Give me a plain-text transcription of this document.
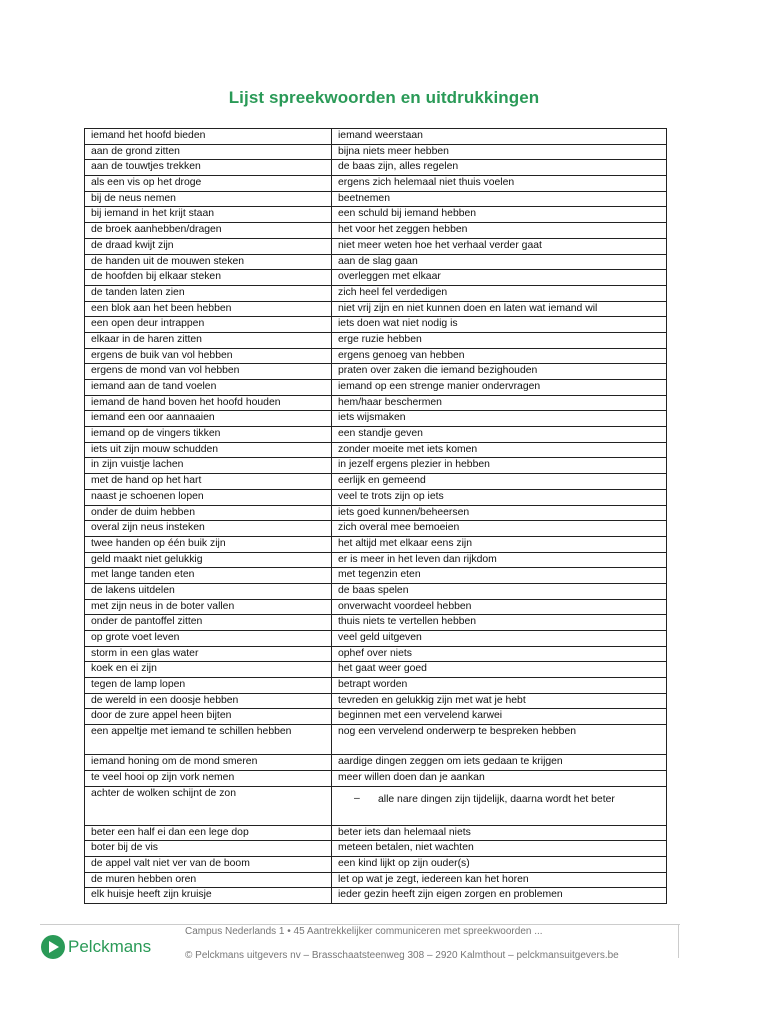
Lijst spreekwoorden en uitdrukkingen
iemand het hoofd bieden	iemand weerstaan
aan de grond zitten	bijna niets meer hebben
aan de touwtjes trekken	de baas zijn, alles regelen
als een vis op het droge	ergens zich helemaal niet thuis voelen
bij de neus nemen	beetnemen
bij iemand in het krijt staan	een schuld bij iemand hebben
de broek aanhebben/dragen	het voor het zeggen hebben
de draad kwijt zijn	niet meer weten hoe het verhaal verder gaat
de handen uit de mouwen steken	aan de slag gaan
de hoofden bij elkaar steken	overleggen met elkaar
de tanden laten zien	zich heel fel verdedigen
een blok aan het been hebben	niet vrij zijn en niet kunnen doen en laten wat iemand wil
een open deur intrappen	iets doen wat niet nodig is
elkaar in de haren zitten	erge ruzie hebben
ergens de buik van vol hebben	ergens genoeg van hebben
ergens de mond van vol hebben	praten over zaken die iemand bezighouden
iemand aan de tand voelen	iemand op een strenge manier ondervragen
iemand de hand boven het hoofd houden	hem/haar beschermen
iemand een oor aannaaien	iets wijsmaken
iemand op de vingers tikken	een standje geven
iets uit zijn mouw schudden	zonder moeite met iets komen
in zijn vuistje lachen	in jezelf ergens plezier in hebben
met de hand op het hart	eerlijk en gemeend
naast je schoenen lopen	veel te trots zijn op iets
onder de duim hebben	iets goed kunnen/beheersen
overal zijn neus insteken	zich overal mee bemoeien
twee handen op één buik zijn	het altijd met elkaar eens zijn
geld maakt niet gelukkig	er is meer in het leven dan rijkdom
met lange tanden eten	met tegenzin eten
de lakens uitdelen	de baas spelen
met zijn neus in de boter vallen	onverwacht voordeel hebben
onder de pantoffel zitten	thuis niets te vertellen hebben
op grote voet leven	veel geld uitgeven
storm in een glas water	ophef over niets
koek en ei zijn	het gaat weer goed
tegen de lamp lopen	betrapt worden
de wereld in een doosje hebben	tevreden en gelukkig zijn met wat je hebt
door de zure appel heen bijten	beginnen met een vervelend karwei
een appeltje met iemand te schillen hebben	nog een vervelend onderwerp te bespreken hebben
iemand honing om de mond smeren	aardige dingen zeggen om iets gedaan te krijgen
te veel hooi op zijn vork nemen	meer willen doen dan je aankan
achter de wolken schijnt de zon	– alle nare dingen zijn tijdelijk, daarna wordt het beter

beter een half ei dan een lege dop	beter iets dan helemaal niets
boter bij de vis	meteen betalen, niet wachten
de appel valt niet ver van de boom	een kind lijkt op zijn ouder(s)
de muren hebben oren	let op wat je zegt, iedereen kan het horen
elk huisje heeft zijn kruisje	ieder gezin heeft zijn eigen zorgen en problemen
Pelckmans
Campus Nederlands 1 • 45 Aantrekkelijker communiceren met spreekwoorden ...
© Pelckmans uitgevers nv – Brasschaatsteenweg 308 – 2920 Kalmthout – pelckmansuitgevers.be
